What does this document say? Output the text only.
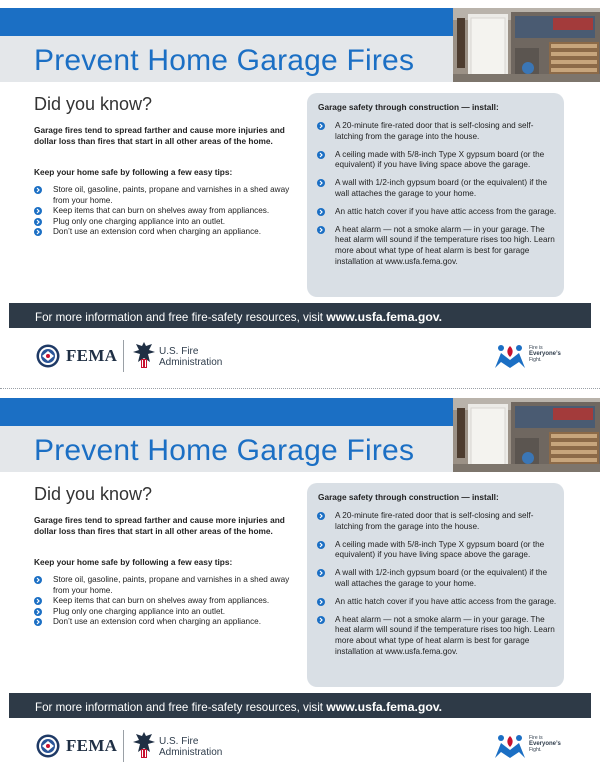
Prevent Home Garage Fires
Did you know?

Garage fires tend to spread farther and cause more injuries and dollar loss than fires that start in all other areas of the home.

Keep your home safe by following a few easy tips:

Store oil, gasoline, paints, propane and varnishes in a shed away from your home.
Keep items that can burn on shelves away from appliances.
Plug only one charging appliance into an outlet.
Don’t use an extension cord when charging an appliance.

Garage safety through construction — install:

A 20-minute fire-rated door that is self-closing and self-latching from the garage into the house.
A ceiling made with 5/8-inch Type X gypsum board (or the equivalent) if you have living space above the garage.
A wall with 1/2-inch gypsum board (or the equivalent) if the wall attaches the garage to your home.
An attic hatch cover if you have attic access from the garage.
A heat alarm — not a smoke alarm — in your garage. The heat alarm will sound if the temperature rises too high. Learn more about what type of heat alarm is best for garage installation at www.usfa.fema.gov.
For more information and free fire-safety resources, visit www.usfa.fema.gov.
FEMA	U.S. Fire
Administration
Fire is
Everyone’s
Fight.
Prevent Home Garage Fires
Did you know?

Garage fires tend to spread farther and cause more injuries and dollar loss than fires that start in all other areas of the home.

Keep your home safe by following a few easy tips:

Store oil, gasoline, paints, propane and varnishes in a shed away from your home.
Keep items that can burn on shelves away from appliances.
Plug only one charging appliance into an outlet.
Don’t use an extension cord when charging an appliance.

Garage safety through construction — install:

A 20-minute fire-rated door that is self-closing and self-latching from the garage into the house.
A ceiling made with 5/8-inch Type X gypsum board (or the equivalent) if you have living space above the garage.
A wall with 1/2-inch gypsum board (or the equivalent) if the wall attaches the garage to your home.
An attic hatch cover if you have attic access from the garage.
A heat alarm — not a smoke alarm — in your garage. The heat alarm will sound if the temperature rises too high. Learn more about what type of heat alarm is best for garage installation at www.usfa.fema.gov.
For more information and free fire-safety resources, visit www.usfa.fema.gov.
FEMA	U.S. Fire
Administration
Fire is
Everyone’s
Fight.
